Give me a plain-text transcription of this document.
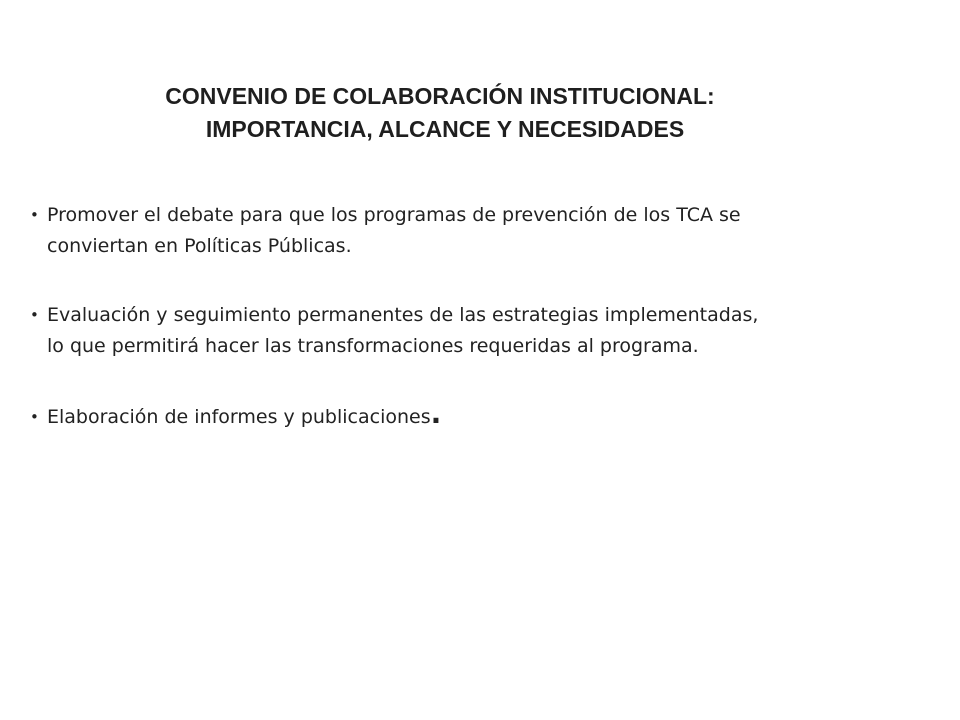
CONVENIO DE COLABORACIÓN INSTITUCIONAL:
IMPORTANCIA, ALCANCE Y NECESIDADES
• Promover el debate para que los programas de prevención de los TCA se
conviertan en Políticas Públicas.
• Evaluación y seguimiento permanentes de las estrategias implementadas,
lo que permitirá hacer las transformaciones requeridas al programa.
• Elaboración de informes y publicaciones.
